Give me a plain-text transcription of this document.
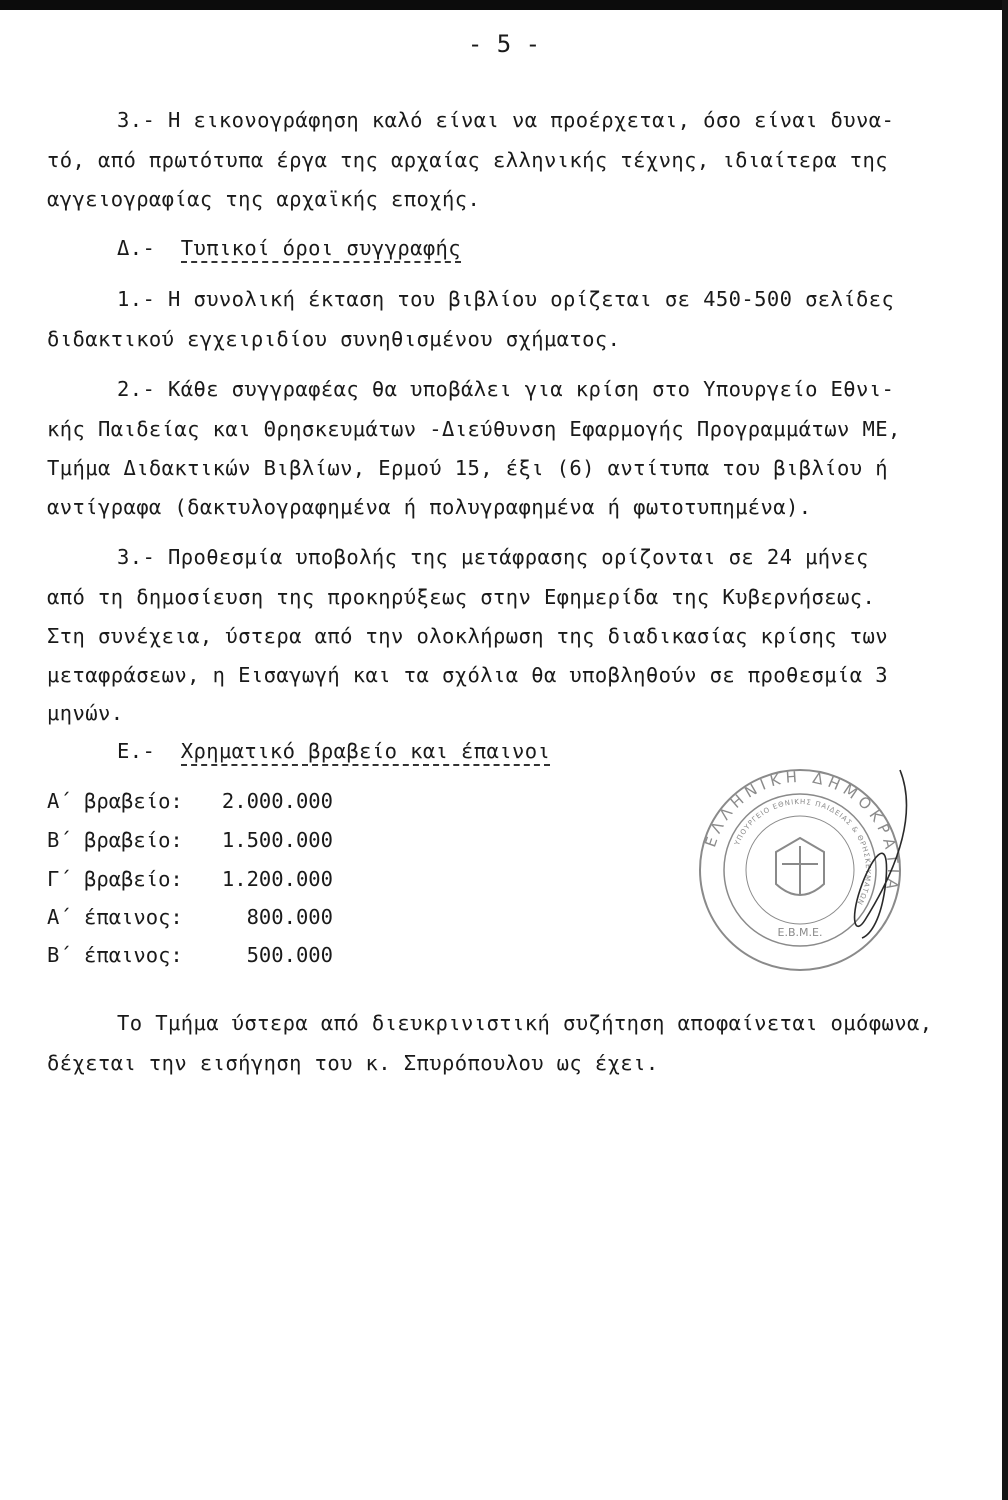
- 5 -
3.- Η εικονογράφηση καλό είναι να προέρχεται, όσο είναι δυνα-
τό, από πρωτότυπα έργα της αρχαίας ελληνικής τέχνης, ιδιαίτερα της
αγγειογραφίας της αρχαϊκής εποχής.
Δ.- Τυπικοί όροι συγγραφής
1.- Η συνολική έκταση του βιβλίου ορίζεται σε 450-500 σελίδες
διδακτικού εγχειριδίου συνηθισμένου σχήματος.
2.- Κάθε συγγραφέας θα υποβάλει για κρίση στο Υπουργείο Εθνι-
κής Παιδείας και Θρησκευμάτων -Διεύθυνση Εφαρμογής Προγραμμάτων ΜΕ,
Τμήμα Διδακτικών Βιβλίων, Ερμού 15, έξι (6) αντίτυπα του βιβλίου ή
αντίγραφα (δακτυλογραφημένα ή πολυγραφημένα ή φωτοτυπημένα).
3.- Προθεσμία υποβολής της μετάφρασης ορίζονται σε 24 μήνες
από τη δημοσίευση της προκηρύξεως στην Εφημερίδα της Κυβερνήσεως.
Στη συνέχεια, ύστερα από την ολοκλήρωση της διαδικασίας κρίσης των
μεταφράσεων, η Εισαγωγή και τα σχόλια θα υποβληθούν σε προθεσμία 3
μηνών.
Ε.- Χρηματικό βραβείο και έπαινοι
Α΄ βραβείο:	2.000.000
Β΄ βραβείο:	1.500.000
Γ΄ βραβείο:	1.200.000
Α΄ έπαινος:	800.000
Β΄ έπαινος:	500.000
ΕΛΛΗΝΙΚΗ ΔΗΜΟΚΡΑΤΙΑ
ΥΠΟΥΡΓΕΙΟ ΕΘΝΙΚΗΣ ΠΑΙΔΕΙΑΣ & ΘΡΗΣΚΕΥΜΑΤΩΝ
Ε.Β.Μ.Ε.
Το Τμήμα ύστερα από διευκρινιστική συζήτηση αποφαίνεται ομόφωνα,
δέχεται την εισήγηση του κ. Σπυρόπουλου ως έχει.
